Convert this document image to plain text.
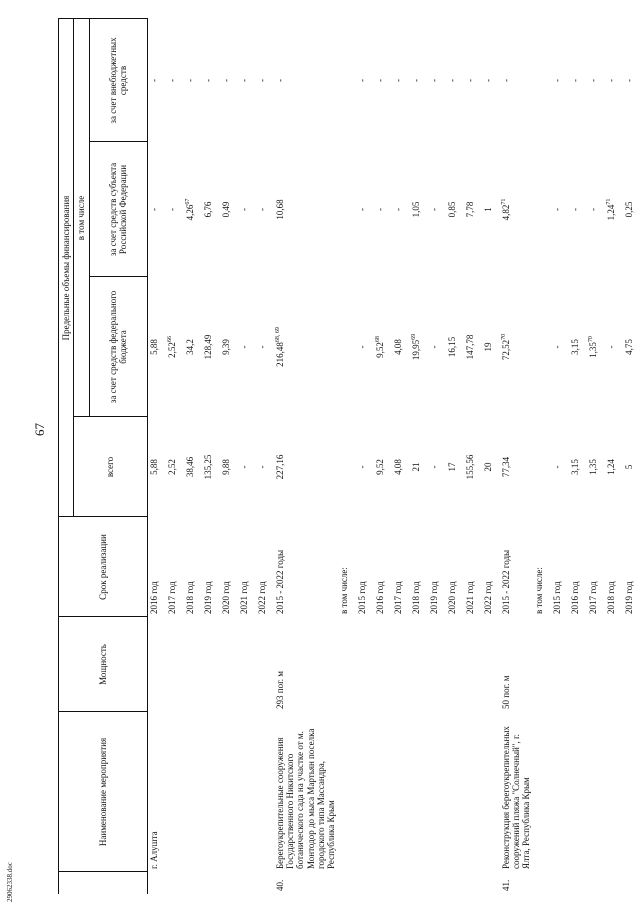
67
29062338.doc
	Наименование мероприятия	Мощность	Срок реализации	Предельные объемы финансирования			
				всего	в том числе		
					за счет средств федерального бюджета	за счет средств субъекта Российской Федерации	за счет внебюджетных средств
	г. Алушта		2016 год	5,88	5,88	-	-
			2017 год	2,52	2,52$^{66}$	-	-
			2018 год	38,46	34,2	4,26$^{67}$	-
			2019 год	135,25	128,49	6,76	-
			2020 год	9,88	9,39	0,49	-
			2021 год	-	-	-	-
			2022 год	-	-	-	-
40.	Берегоукрепительные сооружения Государственного Никитского ботанического сада на участке от м. Монтодор до мыса Мартьян поселка городского типа Массандра, Республика Крым	293 пог. м	2015 - 2022 годы	227,16	216,48$^{68, 69}$	10,68	-
			в том числе:				
			2015 год	-	-	-	-
			2016 год	9,52	9,52$^{68}$	-	-
			2017 год	4,08	4,08	-	-
			2018 год	21	19,95$^{69}$	1,05	-
			2019 год	-	-	-	-
			2020 год	17	16,15	0,85	-
			2021 год	155,56	147,78	7,78	-
			2022 год	20	19	1	-
41.	Реконструкция берегоукрепительных сооружений пляжа "Солнечный", г. Ялта, Республика Крым	50 пог. м	2015 - 2022 годы	77,34	72,52$^{70}$	4,82$^{71}$	-
			в том числе:				
			2015 год	-	-	-	-
			2016 год	3,15	3,15	-	-
			2017 год	1,35	1,35$^{70}$	-	-
			2018 год	1,24	-	1,24$^{71}$	-
			2019 год	5	4,75	0,25	-
